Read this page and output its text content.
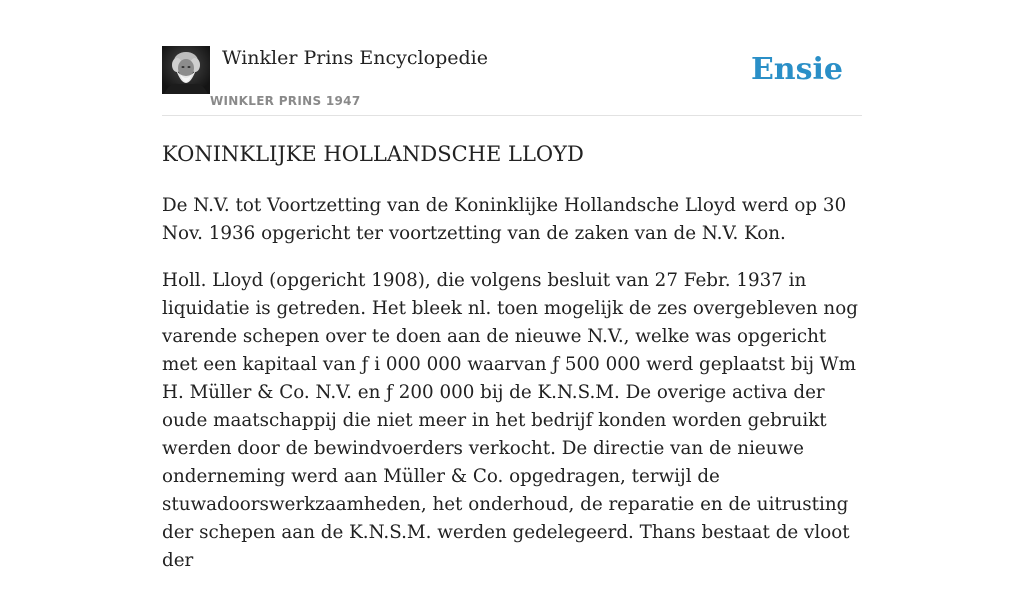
Winkler Prins Encyclopedie
WINKLER PRINS 1947
Ensie
KONINKLIJKE HOLLANDSCHE LLOYD

De N.V. tot Voortzetting van de Koninklijke Hollandsche Lloyd werd op 30 Nov. 1936 opgericht ter voortzetting van de zaken van de N.V. Kon.

Holl. Lloyd (opgericht 1908), die volgens besluit van 27 Febr. 1937 in liquidatie is getreden. Het bleek nl. toen mogelijk de zes overgebleven nog varende schepen over te doen aan de nieuwe N.V., welke was opgericht met een kapitaal van ƒ i 000 000 waarvan ƒ 500 000 werd geplaatst bij Wm H. Müller & Co. N.V. en ƒ 200 000 bij de K.N.S.M. De overige activa der oude maatschappij die niet meer in het bedrijf konden worden gebruikt werden door de bewindvoerders verkocht. De directie van de nieuwe onderneming werd aan Müller & Co. opgedragen, terwijl de stuwadoorswerkzaamheden, het onderhoud, de reparatie en de uitrusting der schepen aan de K.N.S.M. werden gedelegeerd. Thans bestaat de vloot der
